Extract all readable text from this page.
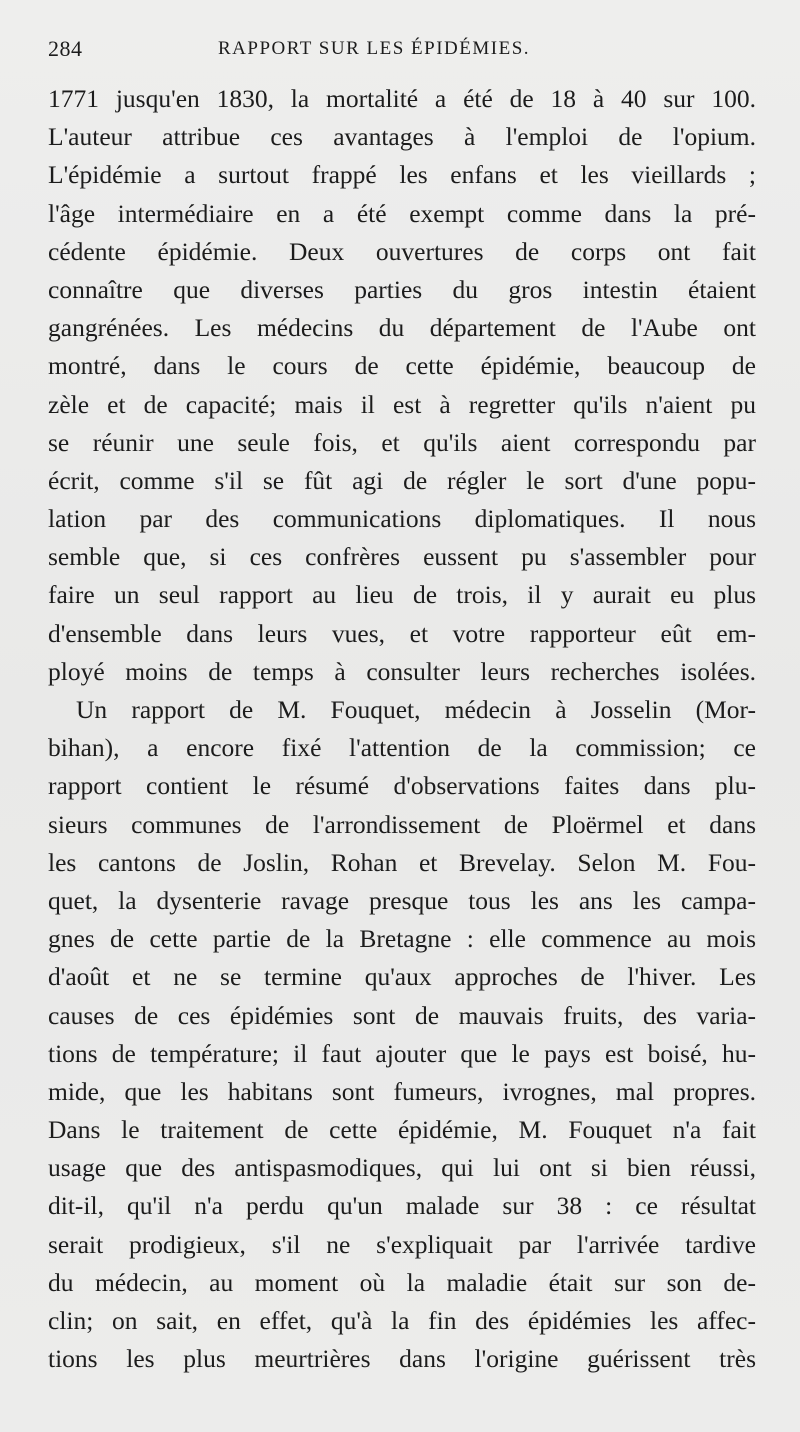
284	RAPPORT SUR LES ÉPIDÉMIES.
1771 jusqu'en 1830, la mortalité a été de 18 à 40 sur 100.
L'auteur attribue ces avantages à l'emploi de l'opium.
L'épidémie a surtout frappé les enfans et les vieillards ;
l'âge intermédiaire en a été exempt comme dans la pré-
cédente épidémie. Deux ouvertures de corps ont fait
connaître que diverses parties du gros intestin étaient
gangrénées. Les médecins du département de l'Aube ont
montré, dans le cours de cette épidémie, beaucoup de
zèle et de capacité; mais il est à regretter qu'ils n'aient pu
se réunir une seule fois, et qu'ils aient correspondu par
écrit, comme s'il se fût agi de régler le sort d'une popu-
lation par des communications diplomatiques. Il nous
semble que, si ces confrères eussent pu s'assembler pour
faire un seul rapport au lieu de trois, il y aurait eu plus
d'ensemble dans leurs vues, et votre rapporteur eût em-
ployé moins de temps à consulter leurs recherches isolées.
Un rapport de M. Fouquet, médecin à Josselin (Mor-
bihan), a encore fixé l'attention de la commission; ce
rapport contient le résumé d'observations faites dans plu-
sieurs communes de l'arrondissement de Ploërmel et dans
les cantons de Joslin, Rohan et Brevelay. Selon M. Fou-
quet, la dysenterie ravage presque tous les ans les campa-
gnes de cette partie de la Bretagne : elle commence au mois
d'août et ne se termine qu'aux approches de l'hiver. Les
causes de ces épidémies sont de mauvais fruits, des varia-
tions de température; il faut ajouter que le pays est boisé, hu-
mide, que les habitans sont fumeurs, ivrognes, mal propres.
Dans le traitement de cette épidémie, M. Fouquet n'a fait
usage que des antispasmodiques, qui lui ont si bien réussi,
dit-il, qu'il n'a perdu qu'un malade sur 38 : ce résultat
serait prodigieux, s'il ne s'expliquait par l'arrivée tardive
du médecin, au moment où la maladie était sur son de-
clin; on sait, en effet, qu'à la fin des épidémies les affec-
tions les plus meurtrières dans l'origine guérissent très
